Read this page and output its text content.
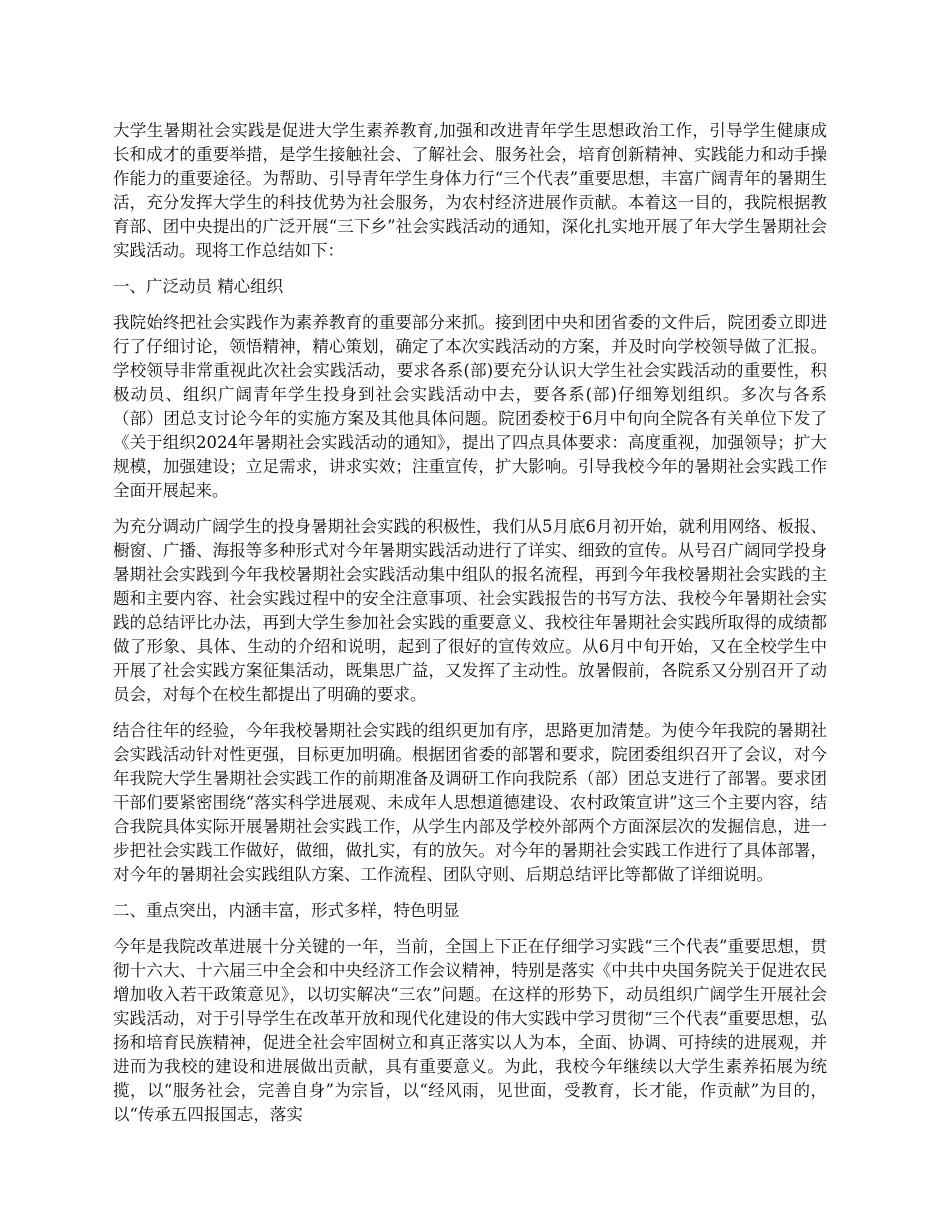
大学生暑期社会实践是促进大学生素养教育,加强和改进青年学生思想政治工作，引导学生健康成长和成才的重要举措，是学生接触社会、了解社会、服务社会，培育创新精神、实践能力和动手操作能力的重要途径。为帮助、引导青年学生身体力行“三个代表”重要思想，丰富广阔青年的暑期生活，充分发挥大学生的科技优势为社会服务，为农村经济进展作贡献。本着这一目的，我院根据教育部、团中央提出的广泛开展“三下乡”社会实践活动的通知，深化扎实地开展了年大学生暑期社会实践活动。现将工作总结如下：

一、广泛动员 精心组织

我院始终把社会实践作为素养教育的重要部分来抓。接到团中央和团省委的文件后，院团委立即进行了仔细讨论，领悟精神，精心策划，确定了本次实践活动的方案，并及时向学校领导做了汇报。学校领导非常重视此次社会实践活动，要求各系(部)要充分认识大学生社会实践活动的重要性，积极动员、组织广阔青年学生投身到社会实践活动中去，要各系(部)仔细筹划组织。多次与各系（部）团总支讨论今年的实施方案及其他具体问题。院团委校于6月中旬向全院各有关单位下发了《关于组织2024年暑期社会实践活动的通知》，提出了四点具体要求：高度重视，加强领导；扩大规模，加强建设；立足需求，讲求实效；注重宣传，扩大影响。引导我校今年的暑期社会实践工作全面开展起来。

为充分调动广阔学生的投身暑期社会实践的积极性，我们从5月底6月初开始，就利用网络、板报、橱窗、广播、海报等多种形式对今年暑期实践活动进行了详实、细致的宣传。从号召广阔同学投身暑期社会实践到今年我校暑期社会实践活动集中组队的报名流程，再到今年我校暑期社会实践的主题和主要内容、社会实践过程中的安全注意事项、社会实践报告的书写方法、我校今年暑期社会实践的总结评比办法，再到大学生参加社会实践的重要意义、我校往年暑期社会实践所取得的成绩都做了形象、具体、生动的介绍和说明，起到了很好的宣传效应。从6月中旬开始，又在全校学生中开展了社会实践方案征集活动，既集思广益，又发挥了主动性。放暑假前，各院系又分别召开了动员会，对每个在校生都提出了明确的要求。

结合往年的经验，今年我校暑期社会实践的组织更加有序，思路更加清楚。为使今年我院的暑期社会实践活动针对性更强，目标更加明确。根据团省委的部署和要求，院团委组织召开了会议，对今年我院大学生暑期社会实践工作的前期准备及调研工作向我院系（部）团总支进行了部署。要求团干部们要紧密围绕“落实科学进展观、未成年人思想道德建设、农村政策宣讲”这三个主要内容，结合我院具体实际开展暑期社会实践工作，从学生内部及学校外部两个方面深层次的发掘信息，进一步把社会实践工作做好，做细，做扎实，有的放矢。对今年的暑期社会实践工作进行了具体部署，对今年的暑期社会实践组队方案、工作流程、团队守则、后期总结评比等都做了详细说明。

二、重点突出，内涵丰富，形式多样，特色明显

今年是我院改革进展十分关键的一年，当前，全国上下正在仔细学习实践“三个代表”重要思想，贯彻十六大、十六届三中全会和中央经济工作会议精神，特别是落实《中共中央国务院关于促进农民增加收入若干政策意见》，以切实解决“三农”问题。在这样的形势下，动员组织广阔学生开展社会实践活动，对于引导学生在改革开放和现代化建设的伟大实践中学习贯彻“三个代表”重要思想，弘扬和培育民族精神，促进全社会牢固树立和真正落实以人为本，全面、协调、可持续的进展观，并进而为我校的建设和进展做出贡献，具有重要意义。为此，我校今年继续以大学生素养拓展为统揽，以“服务社会，完善自身”为宗旨，以“经风雨，见世面，受教育，长才能，作贡献”为目的，以“传承五四报国志，落实
